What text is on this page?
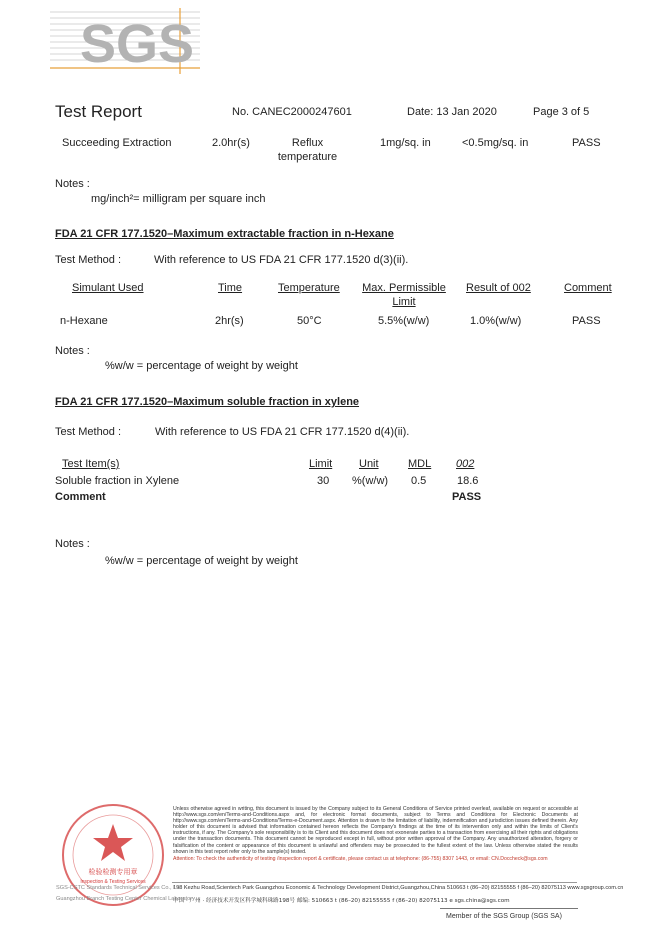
SGS
Test Report	No. CANEC2000247601	Date: 13 Jan 2020	Page 3 of 5
Succeeding Extraction	2.0hr(s)	Reflux
temperature
1mg/sq. in	<0.5mg/sq. in	PASS
Notes :
mg/inch²= milligram per square inch
FDA 21 CFR 177.1520–Maximum extractable fraction in n-Hexane
Test Method :	With reference to US FDA 21 CFR 177.1520 d(3)(ii).
Simulant Used	Time	Temperature	Max. Permissible
Limit
Result of 002	Comment
n-Hexane	2hr(s)	50°C	5.5%(w/w)	1.0%(w/w)	PASS
Notes :
%w/w = percentage of weight by weight
FDA 21 CFR 177.1520–Maximum soluble fraction in xylene
Test Method :	With reference to US FDA 21 CFR 177.1520 d(4)(ii).
Test Item(s)	Limit Unit	MDL 002
Soluble fraction in Xylene	30 %(w/w) 0.5	18.6
Comment	PASS
Notes :
%w/w = percentage of weight by weight
检验检测专用章
Inspection & Testing Services
Unless otherwise agreed in writing, this document is issued by the Company subject to its General Conditions of Service printed overleaf, available on request or accessible at http://www.sgs.com/en/Terms-and-Conditions.aspx and, for electronic format documents, subject to Terms and Conditions for Electronic Documents at http://www.sgs.com/en/Terms-and-Conditions/Terms-e-Document.aspx. Attention is drawn to the limitation of liability, indemnification and jurisdiction issues defined therein. Any holder of this document is advised that information contained hereon reflects the Company's findings at the time of its intervention only and within the limits of Client's instructions, if any. The Company's sole responsibility is to its Client and this document does not exonerate parties to a transaction from exercising all their rights and obligations under the transaction documents. This document cannot be reproduced except in full, without prior written approval of the Company. Any unauthorized alteration, forgery or falsification of the content or appearance of this document is unlawful and offenders may be prosecuted to the fullest extent of the law. Unless otherwise stated the results shown in this test report refer only to the sample(s) tested.
Attention: To check the authenticity of testing /inspection report & certificate, please contact us at telephone: (86-755) 8307 1443, or email: CN.Doccheck@sgs.com
198 Kezhu Road,Scientech Park Guangzhou Economic & Technology Development District,Guangzhou,China 510663 t (86–20) 82155555 f (86–20) 82075113 www.sgsgroup.com.cn
中国 · 广州 · 经济技术开发区科学城科珠路198号 邮编: 510663 t (86–20) 82155555 f (86–20) 82075113 e sgs.china@sgs.com
SGS-CSTC Standards Technical Services Co., Ltd.
Guangzhou Branch Testing Center Chemical Laboratory
Member of the SGS Group (SGS SA)
